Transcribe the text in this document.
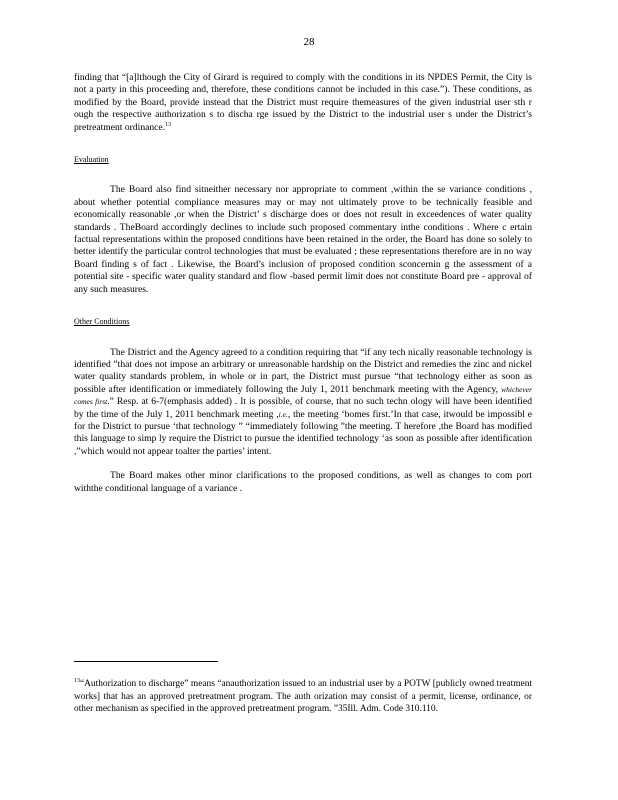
28

finding that “[a]lthough the City of Girard is required to comply with the conditions in its NPDES Permit, the City is not a party in this proceeding and, therefore, these conditions cannot be included in this case.”). These conditions, as modified by the Board, provide instead that the District must require themeasures of the given industrial user sth r ough the respective authorization s to discha rge issued by the District to the industrial user s under the District’s pretreatment ordinance.$^{13}$

Evaluation

The Board also find sitneither necessary nor appropriate to comment ,within the se variance conditions , about whether potential compliance measures may or may not ultimately prove to be technically feasible and economically reasonable ,or when the District’ s discharge does or does not result in exceedences of water quality standards . TheBoard accordingly declines to include such proposed commentary inthe conditions . Where c ertain factual representations within the proposed conditions have been retained in the order, the Board has done so solely to better identify the particular control technologies that must be evaluated ; these representations therefore are in no way Board finding s of fact . Likewise, the Board’s inclusion of proposed condition sconcernin g the assessment of a potential site - specific water quality standard and flow -based permit limit does not constitute Board pre - approval of any such measures.

Other Conditions

The District and the Agency agreed to a condition requiring that “if any tech nically reasonable technology is identified ”that does not impose an arbitrary or unreasonable hardship on the District and remedies the zinc and nickel water quality standards problem, in whole or in part, the District must pursue “that technology either as soon as possible after identification or immediately following the July 1, 2011 benchmark meeting with the Agency, whichever comes first.” Resp. at 6-7(emphasis added) . It is possible, of course, that no such techn ology will have been identified by the time of the July 1, 2011 benchmark meeting ,i.e., the meeting ‘bomes first.’In that case, itwould be impossibl e for the District to pursue ‘that technology ” “immediately following ”the meeting. T herefore ,the Board has modified this language to simp ly require the District to pursue the identified technology ‘as soon as possible after identification ,”which would not appear toalter the parties’ intent.

The Board makes other minor clarifications to the proposed conditions, as well as changes to com port withthe conditional language of a variance .

$^{13}$“Authorization to discharge” means “anauthorization issued to an industrial user by a POTW [publicly owned treatment works] that has an approved pretreatment program. The auth orization may consist of a permit, license, ordinance, or other mechanism as specified in the approved pretreatment program. ”35Ill. Adm. Code 310.110.
